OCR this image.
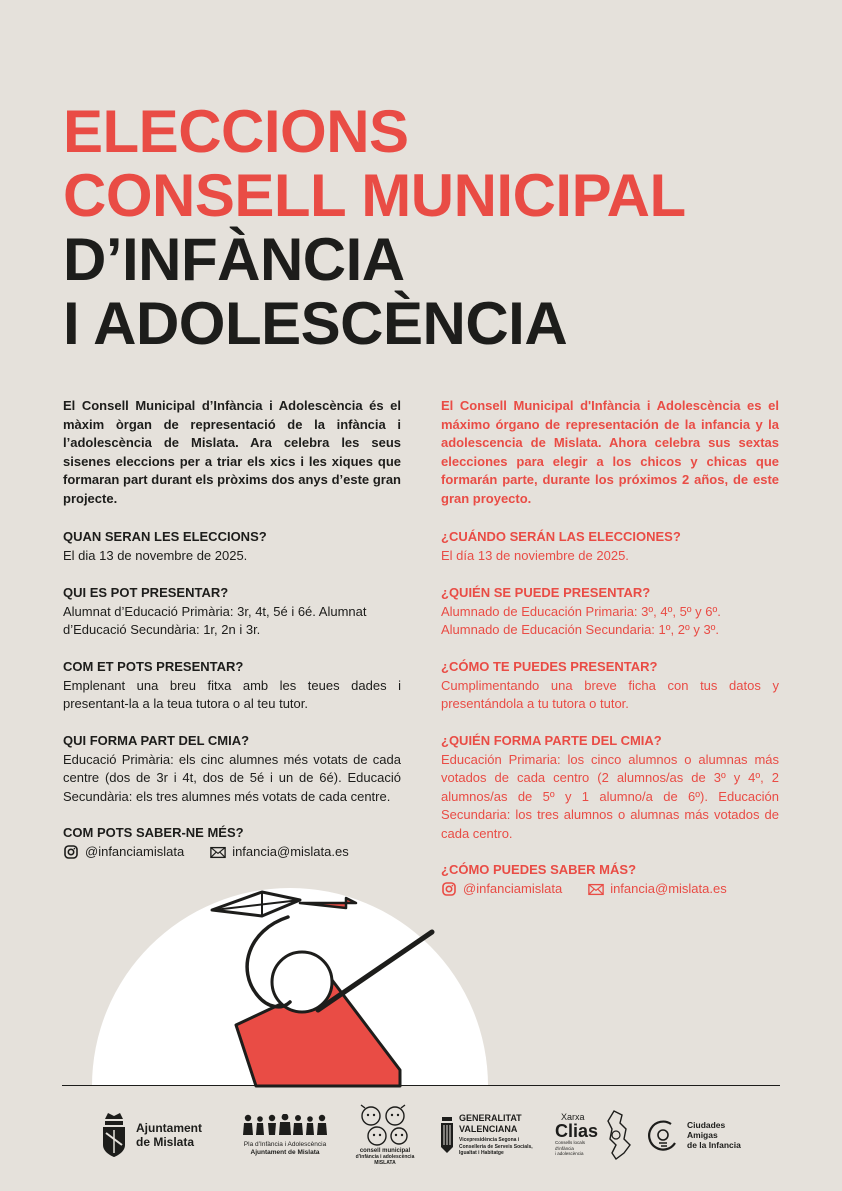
ELECCIONS
CONSELL MUNICIPAL
D’INFÀNCIA
I ADOLESCÈNCIA

El Consell Municipal d’Infància i Adolescència és el màxim òrgan de representació de la infància i l’adolescència de Mislata. Ara celebra les seus sisenes eleccions per a triar els xics i les xiques que formaran part durant els pròxims dos anys d’este gran projecte.

QUAN SERAN LES ELECCIONS?

El dia 13 de novembre de 2025.

QUI ES POT PRESENTAR?

Alumnat d’Educació Primària: 3r, 4t, 5é i 6é. Alumnat d’Educació Secundària: 1r, 2n i 3r.

COM ET POTS PRESENTAR?

Emplenant una breu fitxa amb les teues dades i presentant-la a la teua tutora o al teu tutor.

QUI FORMA PART DEL CMIA?

Educació Primària: els cinc alumnes més votats de cada centre (dos de 3r i 4t, dos de 5é i un de 6é). Educació Secundària: els tres alumnes més votats de cada centre.

COM POTS SABER-NE MÉS?
@infanciamislata	infancia@mislata.es

El Consell Municipal d'Infància i Adolescència es el máximo órgano de representación de la infancia y la adolescencia de Mislata. Ahora celebra sus sextas elecciones para elegir a los chicos y chicas que formarán parte, durante los próximos 2 años, de este gran proyecto.

¿CUÁNDO SERÁN LAS ELECCIONES?

El día 13 de noviembre de 2025.

¿QUIÉN SE PUEDE PRESENTAR?

Alumnado de Educación Primaria: 3º, 4º, 5º y 6º. Alumnado de Educación Secundaria: 1º, 2º y 3º.

¿CÓMO TE PUEDES PRESENTAR?

Cumplimentando una breve ficha con tus datos y presentándola a tu tutora o tutor.

¿QUIÉN FORMA PARTE DEL CMIA?

Educación Primaria: los cinco alumnos o alumnas más votados de cada centro (2 alumnos/as de 3º y 4º, 2 alumnos/as de 5º y 1 alumno/a de 6º). Educación Secundaria: los tres alumnos o alumnas más votados de cada centro.

¿CÓMO PUEDES SABER MÁS?
@infanciamislata	infancia@mislata.es
Ajuntament
de Mislata	Pla d’Infància i Adolescència
Ajuntament de Mislata	consell municipal
d'infància i adolescència
MISLATA
GENERALITAT
VALENCIANA
Vicepresidència Segona i
Conselleria de Serveis Socials,
Igualtat i Habitatge
Xarxa
Clias
Consells locals
d'infància
i adolescència
Ciudades
Amigas
de la Infancia
